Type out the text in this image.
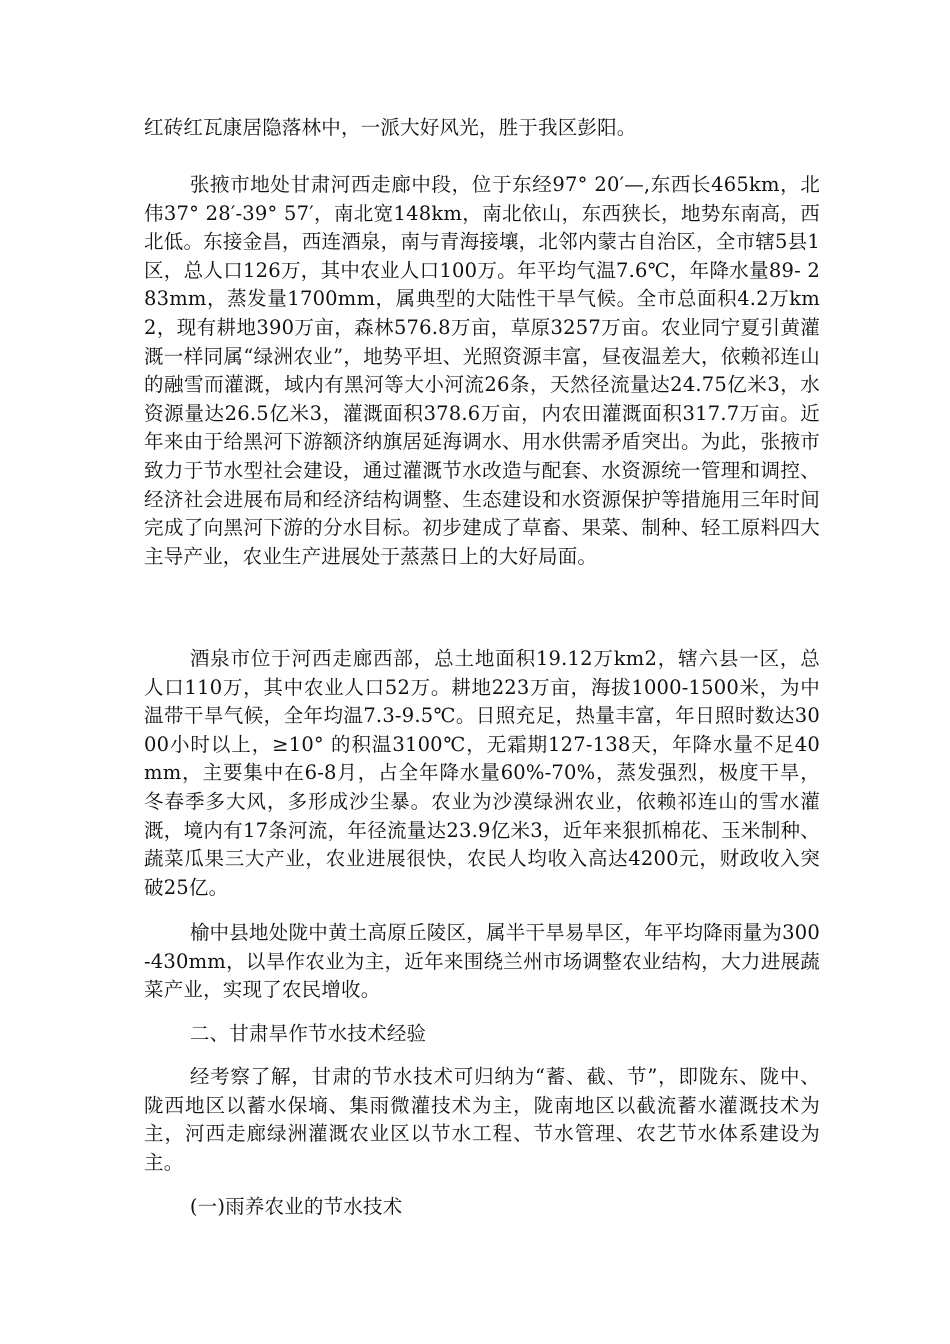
红砖红瓦康居隐落林中，一派大好风光，胜于我区彭阳。

张掖市地处甘肃河西走廊中段，位于东经97° 20′—,东西长465km，北伟37° 28′-39° 57′，南北宽148km，南北依山，东西狭长，地势东南高，西北低。东接金昌，西连酒泉，南与青海接壤，北邻内蒙古自治区，全市辖5县1区，总人口126万，其中农业人口100万。年平均气温7.6℃，年降水量89- 283mm，蒸发量1700mm，属典型的大陆性干旱气候。全市总面积4.2万km2，现有耕地390万亩，森林576.8万亩，草原3257万亩。农业同宁夏引黄灌溉一样同属“绿洲农业”，地势平坦、光照资源丰富，昼夜温差大，依赖祁连山的融雪而灌溉，域内有黑河等大小河流26条，天然径流量达24.75亿米3，水资源量达26.5亿米3，灌溉面积378.6万亩，内农田灌溉面积317.7万亩。近年来由于给黑河下游额济纳旗居延海调水、用水供需矛盾突出。为此，张掖市致力于节水型社会建设，通过灌溉节水改造与配套、水资源统一管理和调控、经济社会进展布局和经济结构调整、生态建设和水资源保护等措施用三年时间完成了向黑河下游的分水目标。初步建成了草畜、果菜、制种、轻工原料四大主导产业，农业生产进展处于蒸蒸日上的大好局面。

酒泉市位于河西走廊西部，总土地面积19.12万km2，辖六县一区，总人口110万，其中农业人口52万。耕地223万亩，海拔1000-1500米，为中温带干旱气候，全年均温7.3-9.5℃。日照充足，热量丰富，年日照时数达3000小时以上，≥10° 的积温3100℃，无霜期127-138天，年降水量不足40mm，主要集中在6-8月，占全年降水量60%-70%，蒸发强烈，极度干旱，冬春季多大风，多形成沙尘暴。农业为沙漠绿洲农业，依赖祁连山的雪水灌溉，境内有17条河流，年径流量达23.9亿米3，近年来狠抓棉花、玉米制种、蔬菜瓜果三大产业，农业进展很快，农民人均收入高达4200元，财政收入突破25亿。

榆中县地处陇中黄土高原丘陵区，属半干旱易旱区，年平均降雨量为300-430mm，以旱作农业为主，近年来围绕兰州市场调整农业结构，大力进展蔬菜产业，实现了农民增收。

二、甘肃旱作节水技术经验

经考察了解，甘肃的节水技术可归纳为“蓄、截、节”，即陇东、陇中、陇西地区以蓄水保墒、集雨微灌技术为主，陇南地区以截流蓄水灌溉技术为主，河西走廊绿洲灌溉农业区以节水工程、节水管理、农艺节水体系建设为主。

(一)雨养农业的节水技术
